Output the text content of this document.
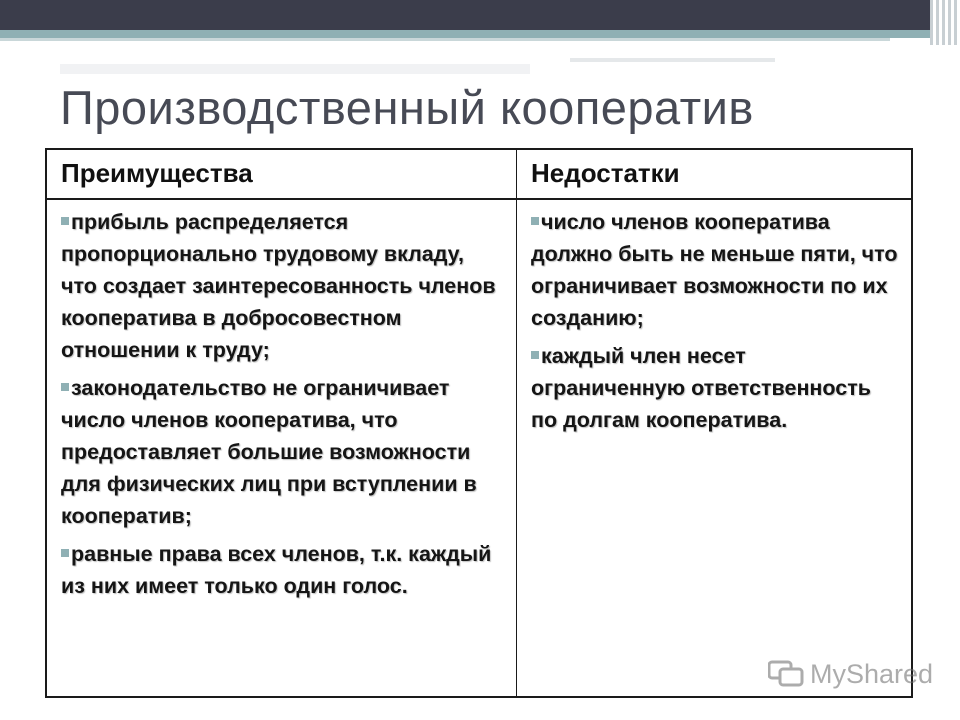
Производственный кооператив
Преимущества	Недостатки
прибыль распределяется пропорционально трудовому вкладу, что создает заинтересованность членов кооператива в добросовестном отношении к труду;
законодательство не ограничивает число членов кооператива, что предоставляет большие возможности для физических лиц при вступлении в кооператив;
равные права всех членов, т.к. каждый из них имеет только один голос.
число членов кооператива должно быть не меньше пяти, что ограничивает возможности по их созданию;
каждый член несет ограниченную ответственность по долгам кооператива.
MyShared
